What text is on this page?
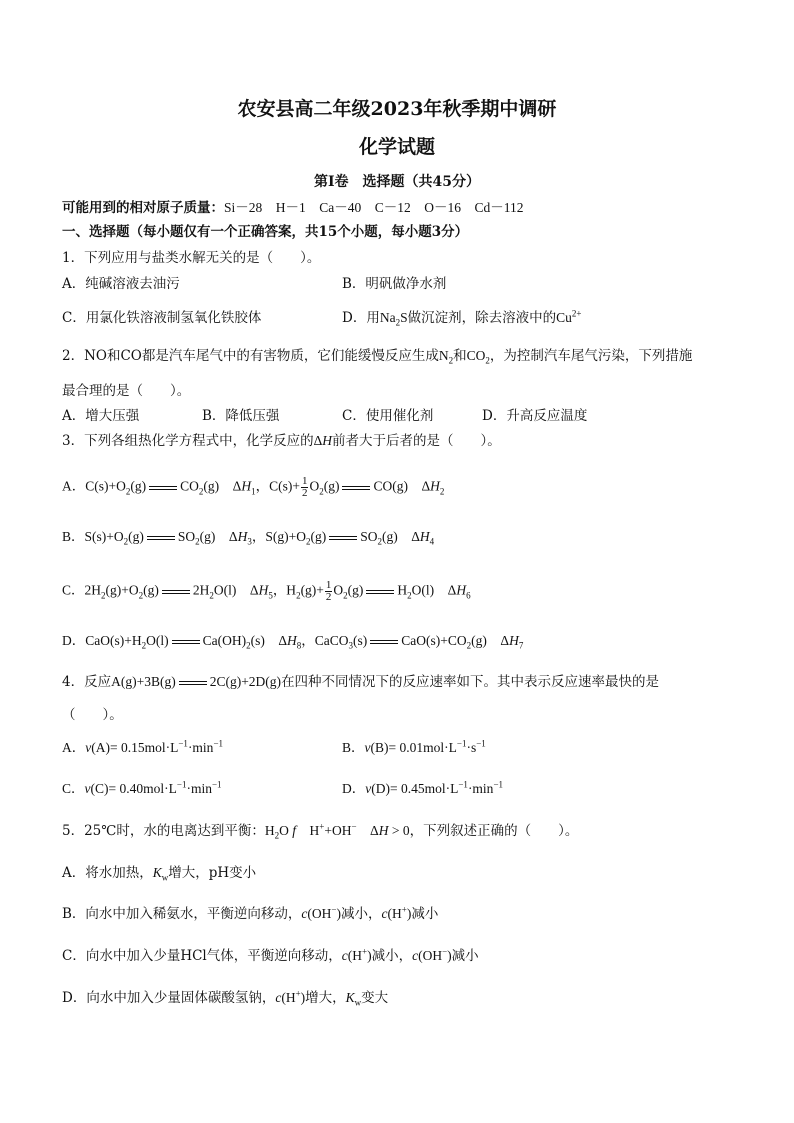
农安县高二年级2023年秋季期中调研
化学试题
第Ⅰ卷　选择题（共45分）
可能用到的相对原子质量：Si－28　H－1　Ca－40　C－12　O－16　Cd－112
一、选择题（每小题仅有一个正确答案，共15个小题，每小题3分）
1．下列应用与盐类水解无关的是（　　）。
A．纯碱溶液去油污	B．明矾做净水剂
C．用氯化铁溶液制氢氧化铁胶体	D．用$Na_2S$做沉淀剂，除去溶液中的$Cu^{2+}$
2．NO和CO都是汽车尾气中的有害物质，它们能缓慢反应生成$N_2$和$CO_2$，为控制汽车尾气污染，下列措施
最合理的是（　　）。
A．增大压强	B．降低压强	C．使用催化剂	D．升高反应温度
3．下列各组热化学方程式中，化学反应的ΔH前者大于后者的是（　　）。
A．$C(s)+O_2(g)$	$CO_2(g)$　$\Delta H_1$，$C(s)+ \frac{1}{2} O_2(g)$	CO(g)　$\Delta H_2$
B．$S(s)+O_2(g)$	$SO_2(g)$　$\Delta H_3$，$S(g)+O_2(g)$	$SO_2(g)$　$\Delta H_4$
C．$2H_2(g)+O_2(g)$	$2H_2O(l)$　$\Delta H_5$，$H_2(g)+ \frac{1}{2} O_2(g)$	$H_2O(l)$　$\Delta H_6$
D．$CaO(s)+H_2O(l)$	$Ca(OH)_2(s)$　$\Delta H_8$，CaCO$_3$(s)	$CaO(s)+CO_2(g)$　$\Delta H_7$
4．反应A(g)+3B(g)	2C(g)+2D(g)在四种不同情况下的反应速率如下。其中表示反应速率最快的是
（　　）。
A．$v(A)= 0.15mol\cdot L^{-1}\cdot\min^{-1}$	B．$v(B)= 0.01mol\cdot L^{-1}\cdot s^{-1}$
C．$v(C)= 0.40mol\cdot L^{-1}\cdot\min^{-1}$	D．$v(D)= 0.45mol\cdot L^{-1}\cdot\min^{-1}$
5．25℃时，水的电离达到平衡：$H_2O$ f　H++OH−　ΔH > 0，下列叙述正确的（　　）。
A．将水加热，$K_w$增大，pH变小
B．向水中加入稀氨水，平衡逆向移动，c(OH−)减小，c(H+)减小
C．向水中加入少量HCl气体，平衡逆向移动，c(H+)减小，c(OH−)减小
D．向水中加入少量固体碳酸氢钠，c(H+)增大，$K_w$变大
